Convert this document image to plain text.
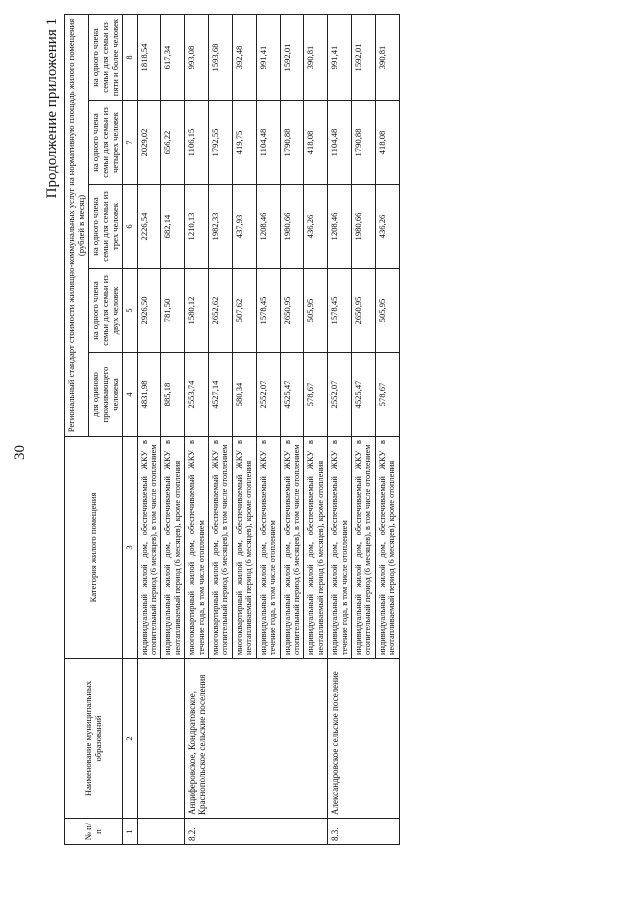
30
Продолжение приложения 1
№ п/п	Наименование муниципальных образований	Категория жилого помещения	Региональный стандарт стоимости жилищно-коммунальных услуг на нормативную площадь жилого помещения (рублей в месяц)				
			для одиноко проживающего человека	на одного члена семьи для семьи из двух человек	на одного члена семьи для семьи из трех человек	на одного члена семьи для семьи из четырех человек	на одного члена семьи для семьи из пяти и более человек
1	2	3	4	5	6	7	8
		индивидуальный жилой дом, обеспечиваемый ЖКУ в отопительный период (6 месяцев), в том числе отоплением	4831,98	2926,50	2226,54	2029,02	1818,54
		индивидуальный жилой дом, обеспечиваемый ЖКУ в неотапливаемый период (6 месяцев), кроме отопления	885,18	781,50	682,14	656,22	617,34
8.2.	Анциферовское, Кондратовское, Краснопольское сельские поселения	многоквартирный жилой дом, обеспечиваемый ЖКУ в течение года, в том числе отоплением	2553,74	1580,12	1210,13	1106,15	993,08
		многоквартирный жилой дом, обеспечиваемый ЖКУ в отопительный период (6 месяцев), в том числе отоплением	4527,14	2652,62	1982,33	1792,55	1593,68
		многоквартирный жилой дом, обеспечиваемый ЖКУ в неотапливаемый период (6 месяцев), кроме отопления	580,34	507,62	437,93	419,75	392,48
		индивидуальный жилой дом, обеспечиваемый ЖКУ в течение года, в том числе отоплением	2552,07	1578,45	1208,46	1104,48	991,41
		индивидуальный жилой дом, обеспечиваемый ЖКУ в отопительный период (6 месяцев), в том числе отоплением	4525,47	2650,95	1980,66	1790,88	1592,01
		индивидуальный жилой дом, обеспечиваемый ЖКУ в неотапливаемый период (6 месяцев), кроме отопления	578,67	505,95	436,26	418,08	390,81
8.3.	Александровское сельское поселение	индивидуальный жилой дом, обеспечиваемый ЖКУ в течение года, в том числе отоплением	2552,07	1578,45	1208,46	1104,48	991,41
		индивидуальный жилой дом, обеспечиваемый ЖКУ в отопительный период (6 месяцев), в том числе отоплением	4525,47	2650,95	1980,66	1790,88	1592,01
		индивидуальный жилой дом, обеспечиваемый ЖКУ в неотапливаемый период (6 месяцев), кроме отопления	578,67	505,95	436,26	418,08	390,81
